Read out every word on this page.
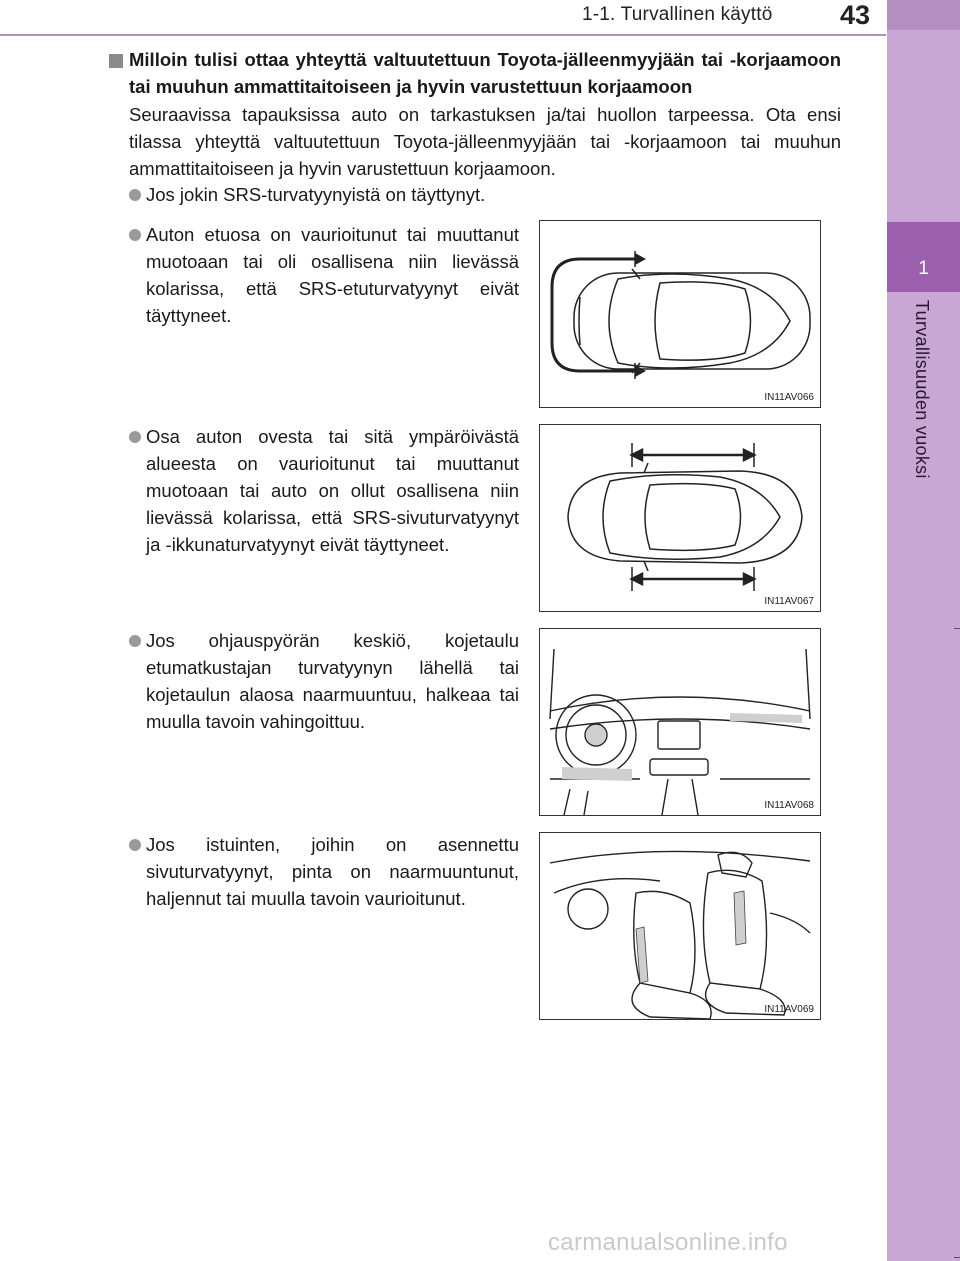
1-1. Turvallinen käyttö	43
1
Turvallisuuden vuoksi
Milloin tulisi ottaa yhteyttä valtuutettuun Toyota-jälleenmyyjään tai -korjaamoon tai muuhun ammattitaitoiseen ja hyvin varustettuun korjaamoon
Seuraavissa tapauksissa auto on tarkastuksen ja/tai huollon tarpeessa. Ota ensi tilassa yhteyttä valtuutettuun Toyota-jälleenmyyjään tai -korjaamoon tai muuhun ammattitaitoiseen ja hyvin varustettuun korjaamoon.
Jos jokin SRS-turvatyynyistä on täyttynyt.
Auton etuosa on vaurioitunut tai muuttanut muotoaan tai oli osallisena niin lievässä kolarissa, että SRS-etuturvatyynyt eivät täyttyneet.
IN11AV066
Osa auton ovesta tai sitä ympäröivästä alueesta on vaurioitunut tai muuttanut muotoaan tai auto on ollut osallisena niin lievässä kolarissa, että SRS-sivuturvatyynyt ja -ikkunaturvatyynyt eivät täyttyneet.
IN11AV067
Jos ohjauspyörän keskiö, kojetaulu etumatkustajan turvatyynyn lähellä tai kojetaulun alaosa naarmuuntuu, halkeaa tai muulla tavoin vahingoittuu.
IN11AV068
Jos istuinten, joihin on asennettu sivuturvatyynyt, pinta on naarmuuntunut, haljennut tai muulla tavoin vaurioitunut.
IN11AV069
carmanualsonline.info
